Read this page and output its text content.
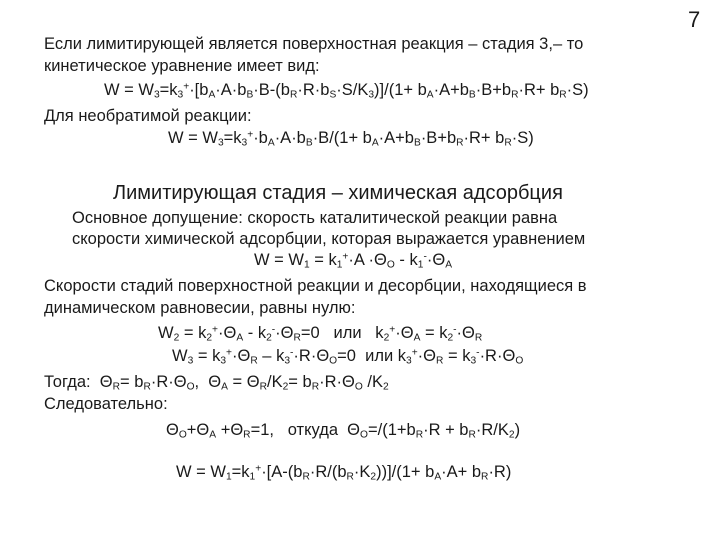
7
Если лимитирующей является поверхностная реакция – стадия 3,– то
кинетическое уравнение имеет вид:
$W = W_3=k_3^+\cdot[b_A\cdot A\cdot b_B\cdot B-(b_R\cdot R\cdot b_S\cdot S/K_3)]/(1+ b_A\cdot A+b_B\cdot B+b_R\cdot R+ b_R\cdot S)$
Для необратимой реакции:
$W = W_3=k_3^+\cdot b_A\cdot A\cdot b_B\cdot B/(1+ b_A\cdot A+b_B\cdot B+b_R\cdot R+ b_R\cdot S)$
Лимитирующая стадия – химическая адсорбция
Основное допущение: скорость каталитической реакции равна
скорости химической адсорбции, которая выражается уравнением
$W = W_1 = k_1^+\cdot A \cdot\Theta_O - k_1^-\cdot\Theta_A$
Скорости стадий поверхностной реакции и десорбции, находящиеся в
динамическом равновесии, равны нулю:
$W_2 = k_2^+\cdot\Theta_A - k_2^-\cdot\Theta_R=0$   или   $k_2^+\cdot\Theta_A = k_2^-\cdot\Theta_R$
$W_3 = k_3^+\cdot\Theta_R - k_3^-\cdot R\cdot\Theta_O=0$  или $k_3^+\cdot\Theta_R = k_3^-\cdot R\cdot\Theta_O$
Тогда:  $\Theta_R= b_R\cdot R\cdot\Theta_O$,  $\Theta_A = \Theta_R/K_2= b_R\cdot R\cdot\Theta_O$ $/K_2$
Следовательно:
$\Theta_O+\Theta_A +\Theta_R=1$,   откуда  $\Theta_O=/(1+b_R\cdot R + b_R\cdot R/K_2)$
$W = W_1=k_1^+\cdot[A-(b_R\cdot R/(b_R\cdot K_2))]/(1+ b_A\cdot A+ b_R\cdot R)$
